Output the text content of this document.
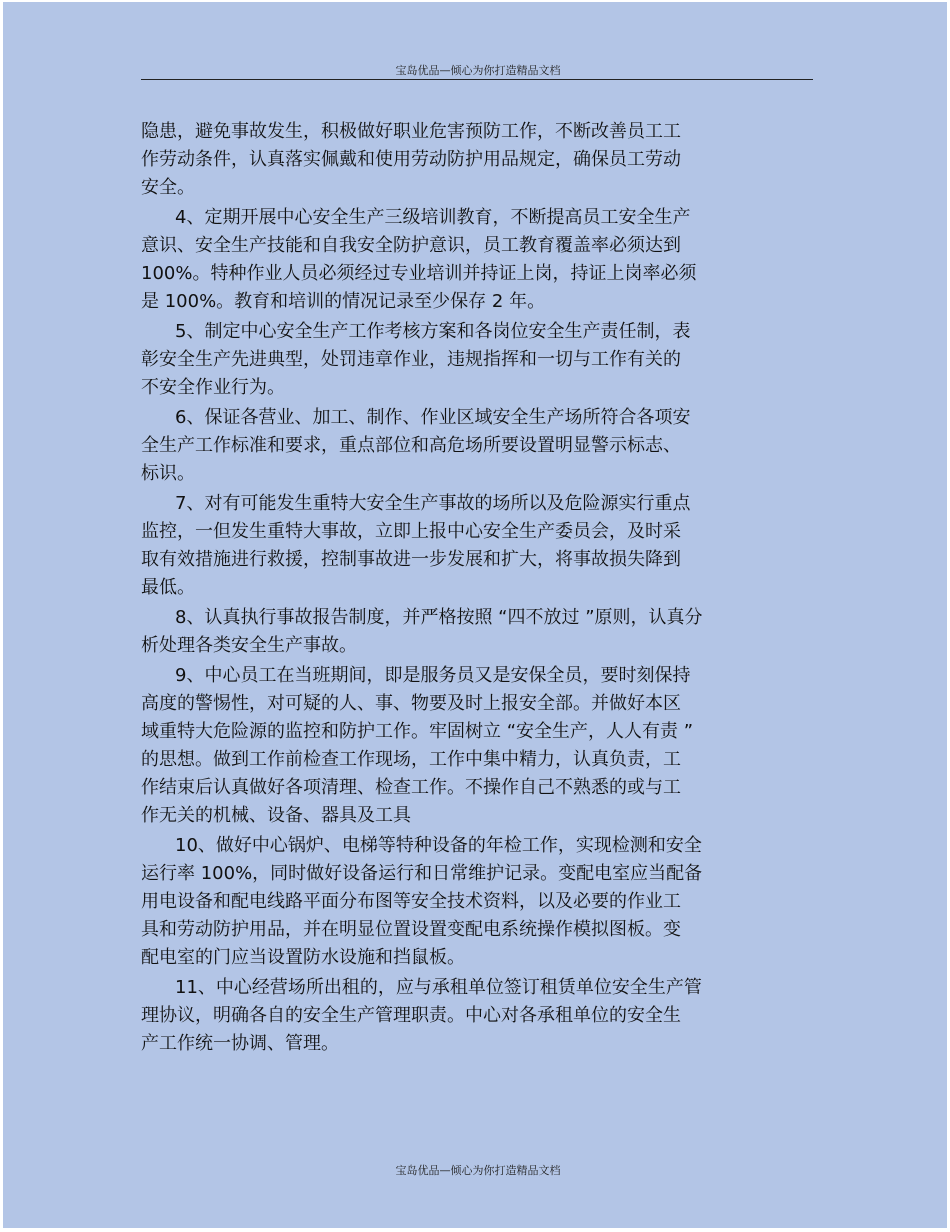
宝岛优品—倾心为你打造精品文档

隐患，避免事故发生，积极做好职业危害预防工作，不断改善员工工
作劳动条件，认真落实佩戴和使用劳动防护用品规定，确保员工劳动
安全。

4、定期开展中心安全生产三级培训教育，不断提高员工安全生产
意识、安全生产技能和自我安全防护意识，员工教育覆盖率必须达到
100%。特种作业人员必须经过专业培训并持证上岗，持证上岗率必须
是 100%。教育和培训的情况记录至少保存 2 年。

5、制定中心安全生产工作考核方案和各岗位安全生产责任制，表
彰安全生产先进典型，处罚违章作业，违规指挥和一切与工作有关的
不安全作业行为。

6、保证各营业、加工、制作、作业区域安全生产场所符合各项安
全生产工作标准和要求，重点部位和高危场所要设置明显警示标志、
标识。

7、对有可能发生重特大安全生产事故的场所以及危险源实行重点
监控，一但发生重特大事故，立即上报中心安全生产委员会，及时采
取有效措施进行救援，控制事故进一步发展和扩大，将事故损失降到
最低。

8、认真执行事故报告制度，并严格按照 “四不放过 ”原则，认真分
析处理各类安全生产事故。

9、中心员工在当班期间，即是服务员又是安保全员，要时刻保持
高度的警惕性，对可疑的人、事、物要及时上报安全部。并做好本区
域重特大危险源的监控和防护工作。牢固树立 “安全生产，人人有责 ”
的思想。做到工作前检查工作现场，工作中集中精力，认真负责，工
作结束后认真做好各项清理、检查工作。不操作自己不熟悉的或与工
作无关的机械、设备、器具及工具

10、做好中心锅炉、电梯等特种设备的年检工作，实现检测和安全
运行率 100%，同时做好设备运行和日常维护记录。变配电室应当配备
用电设备和配电线路平面分布图等安全技术资料，以及必要的作业工
具和劳动防护用品，并在明显位置设置变配电系统操作模拟图板。变
配电室的门应当设置防水设施和挡鼠板。

11、中心经营场所出租的，应与承租单位签订租赁单位安全生产管
理协议，明确各自的安全生产管理职责。中心对各承租单位的安全生
产工作统一协调、管理。

宝岛优品—倾心为你打造精品文档
